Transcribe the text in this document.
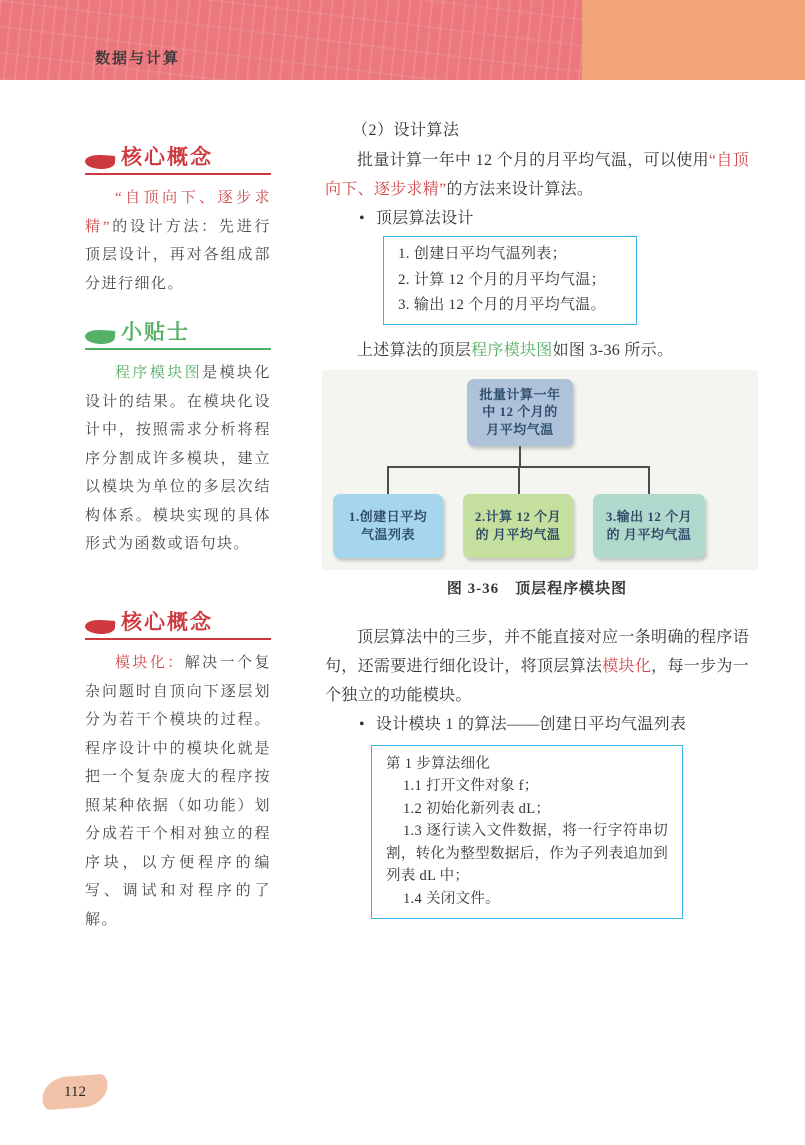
数据与计算
核心概念

“自顶向下、逐步求精”的设计方法：先进行顶层设计，再对各组成部分进行细化。

小贴士

程序模块图是模块化设计的结果。在模块化设计中，按照需求分析将程序分割成许多模块，建立以模块为单位的多层次结构体系。模块实现的具体形式为函数或语句块。

核心概念

模块化：解决一个复杂问题时自顶向下逐层划分为若干个模块的过程。程序设计中的模块化就是把一个复杂庞大的程序按照某种依据（如功能）划分成若干个相对独立的程序块，以方便程序的编写、调试和对程序的了解。

（2）设计算法

批量计算一年中 12 个月的月平均气温，可以使用“自顶向下、逐步求精”的方法来设计算法。

• 顶层算法设计

1. 创建日平均气温列表；

2. 计算 12 个月的月平均气温；

3. 输出 12 个月的月平均气温。

上述算法的顶层程序模块图如图 3-36 所示。

批量计算一年 中 12 个月的 月平均气温
1.创建日平均 气温列表
2.计算 12 个月的 月平均气温
3.输出 12 个月的 月平均气温

图 3-36　顶层程序模块图

顶层算法中的三步，并不能直接对应一条明确的程序语句，还需要进行细化设计，将顶层算法模块化，每一步为一个独立的功能模块。

• 设计模块 1 的算法——创建日平均气温列表

第 1 步算法细化

1.1 打开文件对象 f；

1.2 初始化新列表 dL；

1.3 逐行读入文件数据，将一行字符串切割，转化为整型数据后，作为子列表追加到列表 dL 中；

1.4 关闭文件。

112
